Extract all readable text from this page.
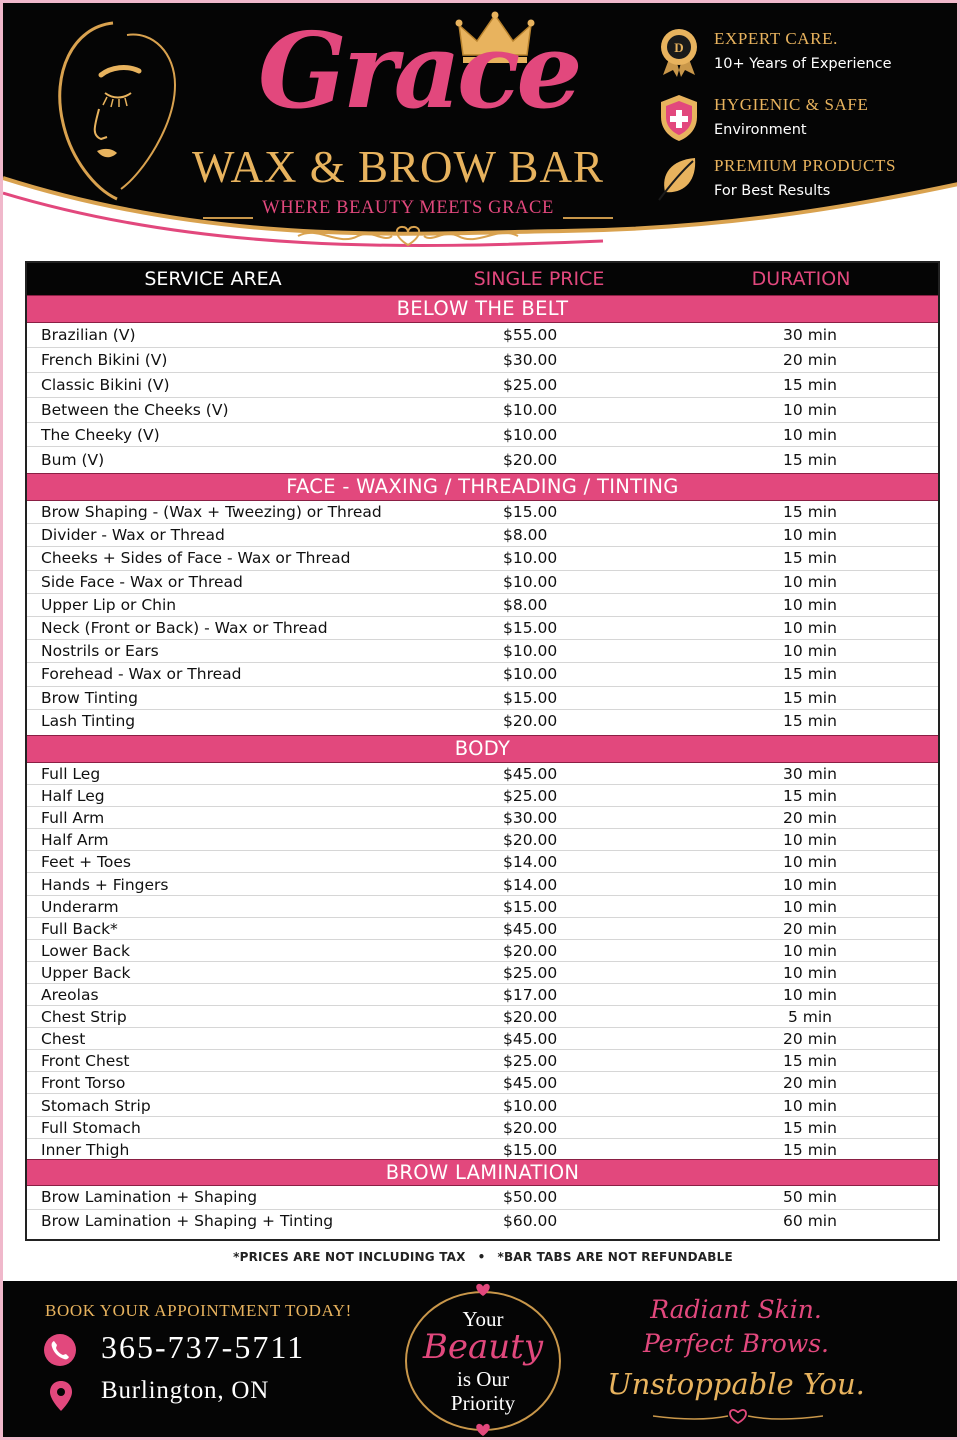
Grace
WAX & BROW BAR
WHERE BEAUTY MEETS GRACE
D EXPERT CARE.
10+ Years of Experience
HYGIENIC & SAFE
Environment
PREMIUM PRODUCTS
For Best Results
SERVICE AREA	SINGLE PRICE	DURATION
BELOW THE BELT
Brazilian (V)	$55.00	30 min
French Bikini (V)	$30.00	20 min
Classic Bikini (V)	$25.00	15 min
Between the Cheeks (V)	$10.00	10 min
The Cheeky (V)	$10.00	10 min
Bum (V)	$20.00	15 min
FACE - WAXING / THREADING / TINTING
Brow Shaping - (Wax + Tweezing) or Thread	$15.00	15 min
Divider - Wax or Thread	$8.00	10 min
Cheeks + Sides of Face - Wax or Thread	$10.00	15 min
Side Face - Wax or Thread	$10.00	10 min
Upper Lip or Chin	$8.00	10 min
Neck (Front or Back) - Wax or Thread	$15.00	10 min
Nostrils or Ears	$10.00	10 min
Forehead - Wax or Thread	$10.00	15 min
Brow Tinting	$15.00	15 min
Lash Tinting	$20.00	15 min
BODY
Full Leg	$45.00	30 min
Half Leg	$25.00	15 min
Full Arm	$30.00	20 min
Half Arm	$20.00	10 min
Feet + Toes	$14.00	10 min
Hands + Fingers	$14.00	10 min
Underarm	$15.00	10 min
Full Back*	$45.00	20 min
Lower Back	$20.00	10 min
Upper Back	$25.00	10 min
Areolas	$17.00	10 min
Chest Strip	$20.00	5 min
Chest	$45.00	20 min
Front Chest	$25.00	15 min
Front Torso	$45.00	20 min
Stomach Strip	$10.00	10 min
Full Stomach	$20.00	15 min
Inner Thigh	$15.00	15 min
BROW LAMINATION
Brow Lamination + Shaping	$50.00	50 min
Brow Lamination + Shaping + Tinting	$60.00	60 min
*PRICES ARE NOT INCLUDING TAX • *BAR TABS ARE NOT REFUNDABLE
BOOK YOUR APPOINTMENT TODAY!
365-737-5711
Burlington, ON
Your
Beauty
is Our
Priority
Radiant Skin.
Perfect Brows.
Unstoppable You.
